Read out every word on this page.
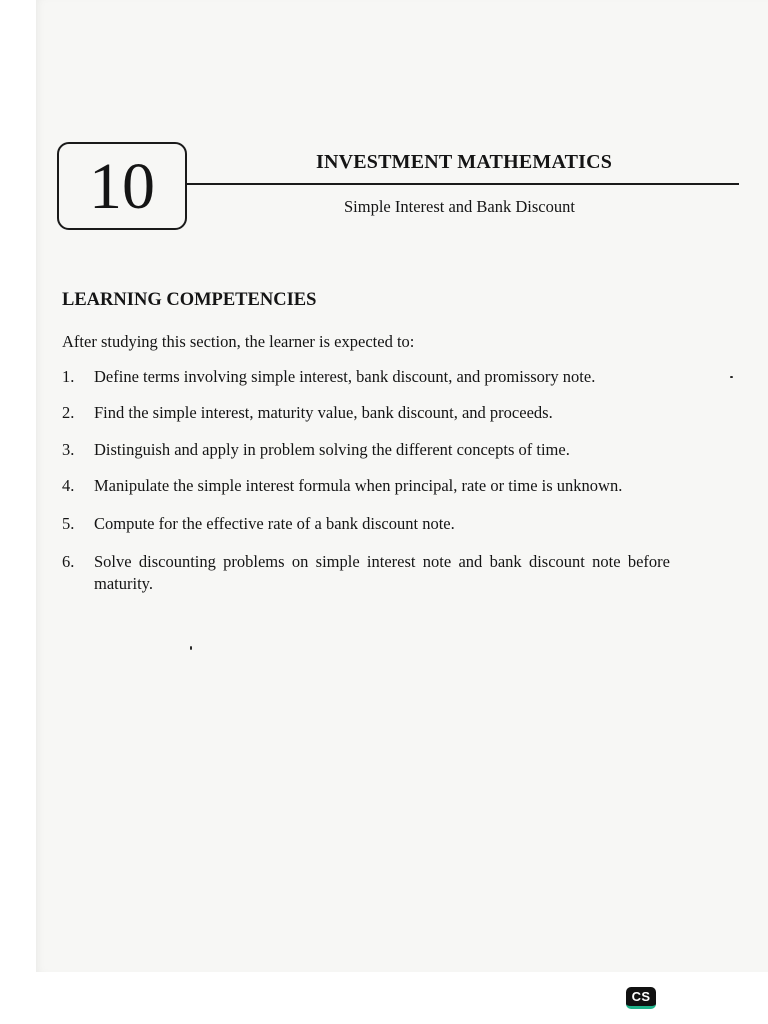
10	INVESTMENT MATHEMATICS
Simple Interest and Bank Discount
LEARNING COMPETENCIES
After studying this section, the learner is expected to:
1.	Define terms involving simple interest, bank discount, and promissory note.
2.	Find the simple interest, maturity value, bank discount, and proceeds.
3.	Distinguish and apply in problem solving the different concepts of time.
4.	Manipulate the simple interest formula when principal, rate or time is unknown.
5.	Compute for the effective rate of a bank discount note.
6.	Solve discounting problems on simple interest note and bank discount note before maturity.
CS
